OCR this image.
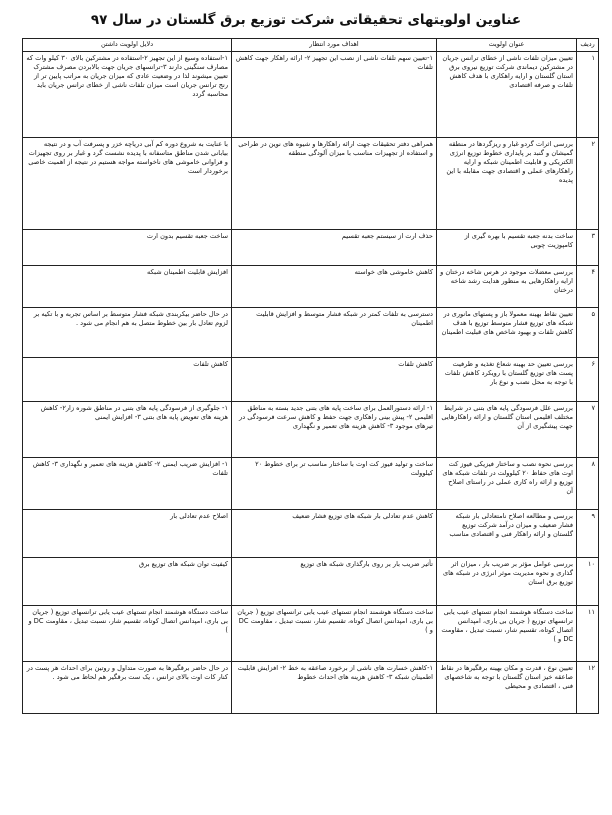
عناوین اولویتهای تحقیقاتی شرکت توزیع برق گلستان در سال ۹۷
ردیف	عنوان اولویت	اهداف مورد انتظار	دلایل اولویت داشتن
۱	تعیین میزان تلفات ناشی از خطای ترانس جریان در مشترکین دیماندی شرکت توزیع نیروی برق استان گلستان و ارایه راهکاری با هدف کاهش تلفات و صرفه اقتصادی	۱-تعیین سهم تلفات ناشی از نصب این تجهیز ۲- ارائه راهکار جهت کاهش تلفات	۱-استفاده وسیع از این تجهیز ۲-استفاده در مشترکین بالای ۳۰ کیلو وات که مصارف سنگینی دارند ۳-ترانسهای جریان جهت بالابردن مصرف مشترک تعیین میشوند لذا در وضعیت عادی که میزان جریان به مراتب پایین تر از رنج ترانس جریان است میزان تلفات ناشی از خطای ترانس جریان باید محاسبه گردد
۲	بررسی اثرات گردو غبار و ریزگردها در منطقه گمیشان و گنبد بر پایداری خطوط توزیع انرژی الکتریکی و قابلیت اطمینان شبکه و ارایه راهکارهای عملی و اقتصادی جهت مقابله با این پدیده	همراهی دفتر تحقیقات جهت ارائه راهکارها و شیوه های نوین در طراحی و استفاده از تجهیزات مناسب با میزان آلودگی منطقه	با عنایت به شروع دوره کم آبی دریاچه خزر و پسرفت آب و در نتیجه بیابانی شدن مناطق متاسفانه با پدیده نشست گرد و غبار بر روی تجهیزات و فراوانی خاموشی های ناخواسته مواجه هستیم در نتیجه از اهمیت خاصی برخوردار است
۳	ساخت بدنه جعبه تقسیم با بهره گیری از کامپوزیت چوبی	حذف ارت از سیستم جعبه تقسیم	ساخت جعبه تقسیم بدون ارت
۴	بررسی معضلات موجود در هرس شاخه درختان و ارایه راهکارهایی به منظور هدایت رشد شاخه درختان	کاهش خاموشی های خواسته	افزایش قابلیت اطمینان شبکه
۵	تعیین نقاط بهینه معمولا باز و پستهای مانوری در شبکه های توزیع فشار متوسط توزیع با هدف کاهش تلفات و بهبود شاخص های قبلیت اطمینان	دسترسی به تلفات کمتر در شبکه فشار متوسط و افزایش قابلیت اطمینان	در حال حاضر بیکربندی شبکه فشار متوسط بر اساس تجربه و با تکیه بر لزوم تعادل بار بین خطوط متصل به هم انجام می شود .
۶	بررسی تعیین حد بهینه شعاع تغذیه و ظرفیت پست های توزیع گلستان با رویکرد کاهش تلفات با توجه به محل نصب و نوع بار	کاهش تلفات	کاهش تلفات
۷	بررسی علل فرسودگی پایه های بتنی در شرایط مختلف اقلیمی استان گلستان و ارائه راهکارهایی جهت پیشگیری از آن	۱- ارائه دستورالعمل برای ساخت پایه های بتنی جدید بسته به مناطق اقلیمی ۲- پیش بینی راهکاری جهت حفظ و کاهش سرعت فرسودگی در تیرهای موجود ۳- کاهش هزینه های تعمیر و نگهداری	۱- جلوگیری از فرسودگی پایه های بتنی در مناطق شوره زار۲- کاهش هزینه های تعویض پایه های بتنی ۳- افزایش ایمنی
۸	بررسی نحوه نصب و ساختار فیزیکی فیوز کت اوت های حفاظ ۲۰ کیلوولت در تلفات شبکه های توزیع و ارائه راه کاری عملی در راستای اصلاح آن	ساخت و تولید فیوز کت اوت با ساختار مناسب تر برای خطوط ۲۰ کیلوولت	۱- افزایش ضریب ایمنی ۲- کاهش هزینه های تعمیر و نگهداری ۳- کاهش تلفات
۹	بررسی و مطالعه اصلاح نامتعادلی بار شبکه فشار ضعیف و میزان درآمد شرکت توزیع گلستان و ارائه راهکار فنی و اقتصادی مناسب	کاهش عدم تعادلی بار شبکه های توزیع فشار ضعیف	اصلاح عدم تعادلی بار
۱۰	بررسی عوامل مؤثر بر ضریب بار ، میزان اثر گذاری و نحوه مدیریت موثر انرژی در شبکه های توزیع برق استان	تأثیر ضریب بار بر روی بارگذاری شبکه های توزیع	کیفیت توان شبکه های توزیع برق
۱۱	ساخت دستگاه هوشمند انجام تستهای عیب یابی ترانسهای توزیع ( جریان بی باری، امپدانس اتصال کوتاه، تقسیم شار، نسبت تبدیل ، مقاومت DC و )	ساخت دستگاه هوشمند انجام تستهای عیب یابی ترانسهای توزیع ( جریان بی باری، امپدانس اتصال کوتاه، تقسیم شار، نسبت تبدیل ، مقاومت DC و )	ساخت دستگاه هوشمند انجام تستهای عیب یابی ترانسهای توزیع ( جریان بی باری، امپدانس اتصال کوتاه، تقسیم شار، نسبت تبدیل ، مقاومت DC و )
۱۲	تعیین نوع ، قدرت و مکان بهینه برقگیرها در نقاط صاعقه خیز استان گلستان با توجه به شاخصهای فنی ، اقتصادی و محیطی	۱-کاهش خسارت های ناشی از برخورد صاعقه به خط ۲- افزایش قابلیت اطمینان شبکه ۳- کاهش هزینه های احداث خطوط	در حال حاضر برقگیرها به صورت متداول و روتین برای احداث هر پست در کنار کات اوت بالای ترانس ، یک ست برقگیر هم لحاظ می شود .
